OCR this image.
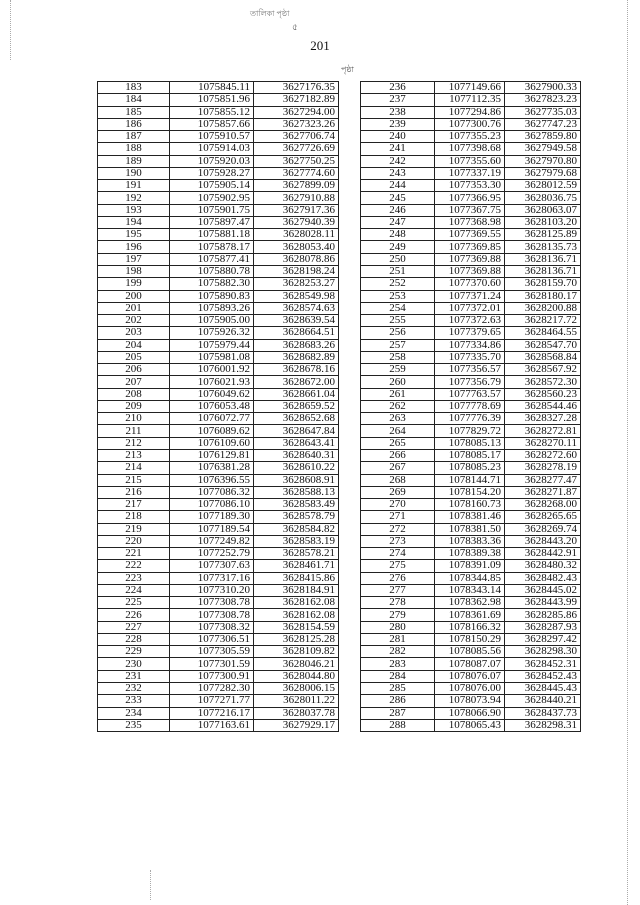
তালিকা পৃষ্ঠা
৫
201
পৃষ্ঠা
183	1075845.11	3627176.35
184	1075851.96	3627182.89
185	1075855.12	3627294.00
186	1075857.66	3627323.26
187	1075910.57	3627706.74
188	1075914.03	3627726.69
189	1075920.03	3627750.25
190	1075928.27	3627774.60
191	1075905.14	3627899.09
192	1075902.95	3627910.88
193	1075901.75	3627917.36
194	1075897.47	3627940.39
195	1075881.18	3628028.11
196	1075878.17	3628053.40
197	1075877.41	3628078.86
198	1075880.78	3628198.24
199	1075882.30	3628253.27
200	1075890.83	3628549.98
201	1075893.26	3628574.63
202	1075905.00	3628639.54
203	1075926.32	3628664.51
204	1075979.44	3628683.26
205	1075981.08	3628682.89
206	1076001.92	3628678.16
207	1076021.93	3628672.00
208	1076049.62	3628661.04
209	1076053.48	3628659.52
210	1076072.77	3628652.68
211	1076089.62	3628647.84
212	1076109.60	3628643.41
213	1076129.81	3628640.31
214	1076381.28	3628610.22
215	1076396.55	3628608.91
216	1077086.32	3628588.13
217	1077086.10	3628583.49
218	1077189.30	3628578.79
219	1077189.54	3628584.82
220	1077249.82	3628583.19
221	1077252.79	3628578.21
222	1077307.63	3628461.71
223	1077317.16	3628415.86
224	1077310.20	3628184.91
225	1077308.78	3628162.08
226	1077308.78	3628162.08
227	1077308.32	3628154.59
228	1077306.51	3628125.28
229	1077305.59	3628109.82
230	1077301.59	3628046.21
231	1077300.91	3628044.80
232	1077282.30	3628006.15
233	1077271.77	3628011.22
234	1077216.17	3628037.78
235	1077163.61	3627929.17
236	1077149.66	3627900.33
237	1077112.35	3627823.23
238	1077294.86	3627735.03
239	1077300.76	3627747.23
240	1077355.23	3627859.80
241	1077398.68	3627949.58
242	1077355.60	3627970.80
243	1077337.19	3627979.68
244	1077353.30	3628012.59
245	1077366.95	3628036.75
246	1077367.75	3628063.07
247	1077368.98	3628103.20
248	1077369.55	3628125.89
249	1077369.85	3628135.73
250	1077369.88	3628136.71
251	1077369.88	3628136.71
252	1077370.60	3628159.70
253	1077371.24	3628180.17
254	1077372.01	3628200.88
255	1077372.63	3628217.72
256	1077379.65	3628464.55
257	1077334.86	3628547.70
258	1077335.70	3628568.84
259	1077356.57	3628567.92
260	1077356.79	3628572.30
261	1077763.57	3628560.23
262	1077778.69	3628544.46
263	1077776.39	3628327.28
264	1077829.72	3628272.81
265	1078085.13	3628270.11
266	1078085.17	3628272.60
267	1078085.23	3628278.19
268	1078144.71	3628277.47
269	1078154.20	3628271.87
270	1078160.73	3628268.00
271	1078381.46	3628265.65
272	1078381.50	3628269.74
273	1078383.36	3628443.20
274	1078389.38	3628442.91
275	1078391.09	3628480.32
276	1078344.85	3628482.43
277	1078343.14	3628445.02
278	1078362.98	3628443.99
279	1078361.69	3628285.86
280	1078166.32	3628287.93
281	1078150.29	3628297.42
282	1078085.56	3628298.30
283	1078087.07	3628452.31
284	1078076.07	3628452.43
285	1078076.00	3628445.43
286	1078073.94	3628440.21
287	1078066.90	3628437.73
288	1078065.43	3628298.31
